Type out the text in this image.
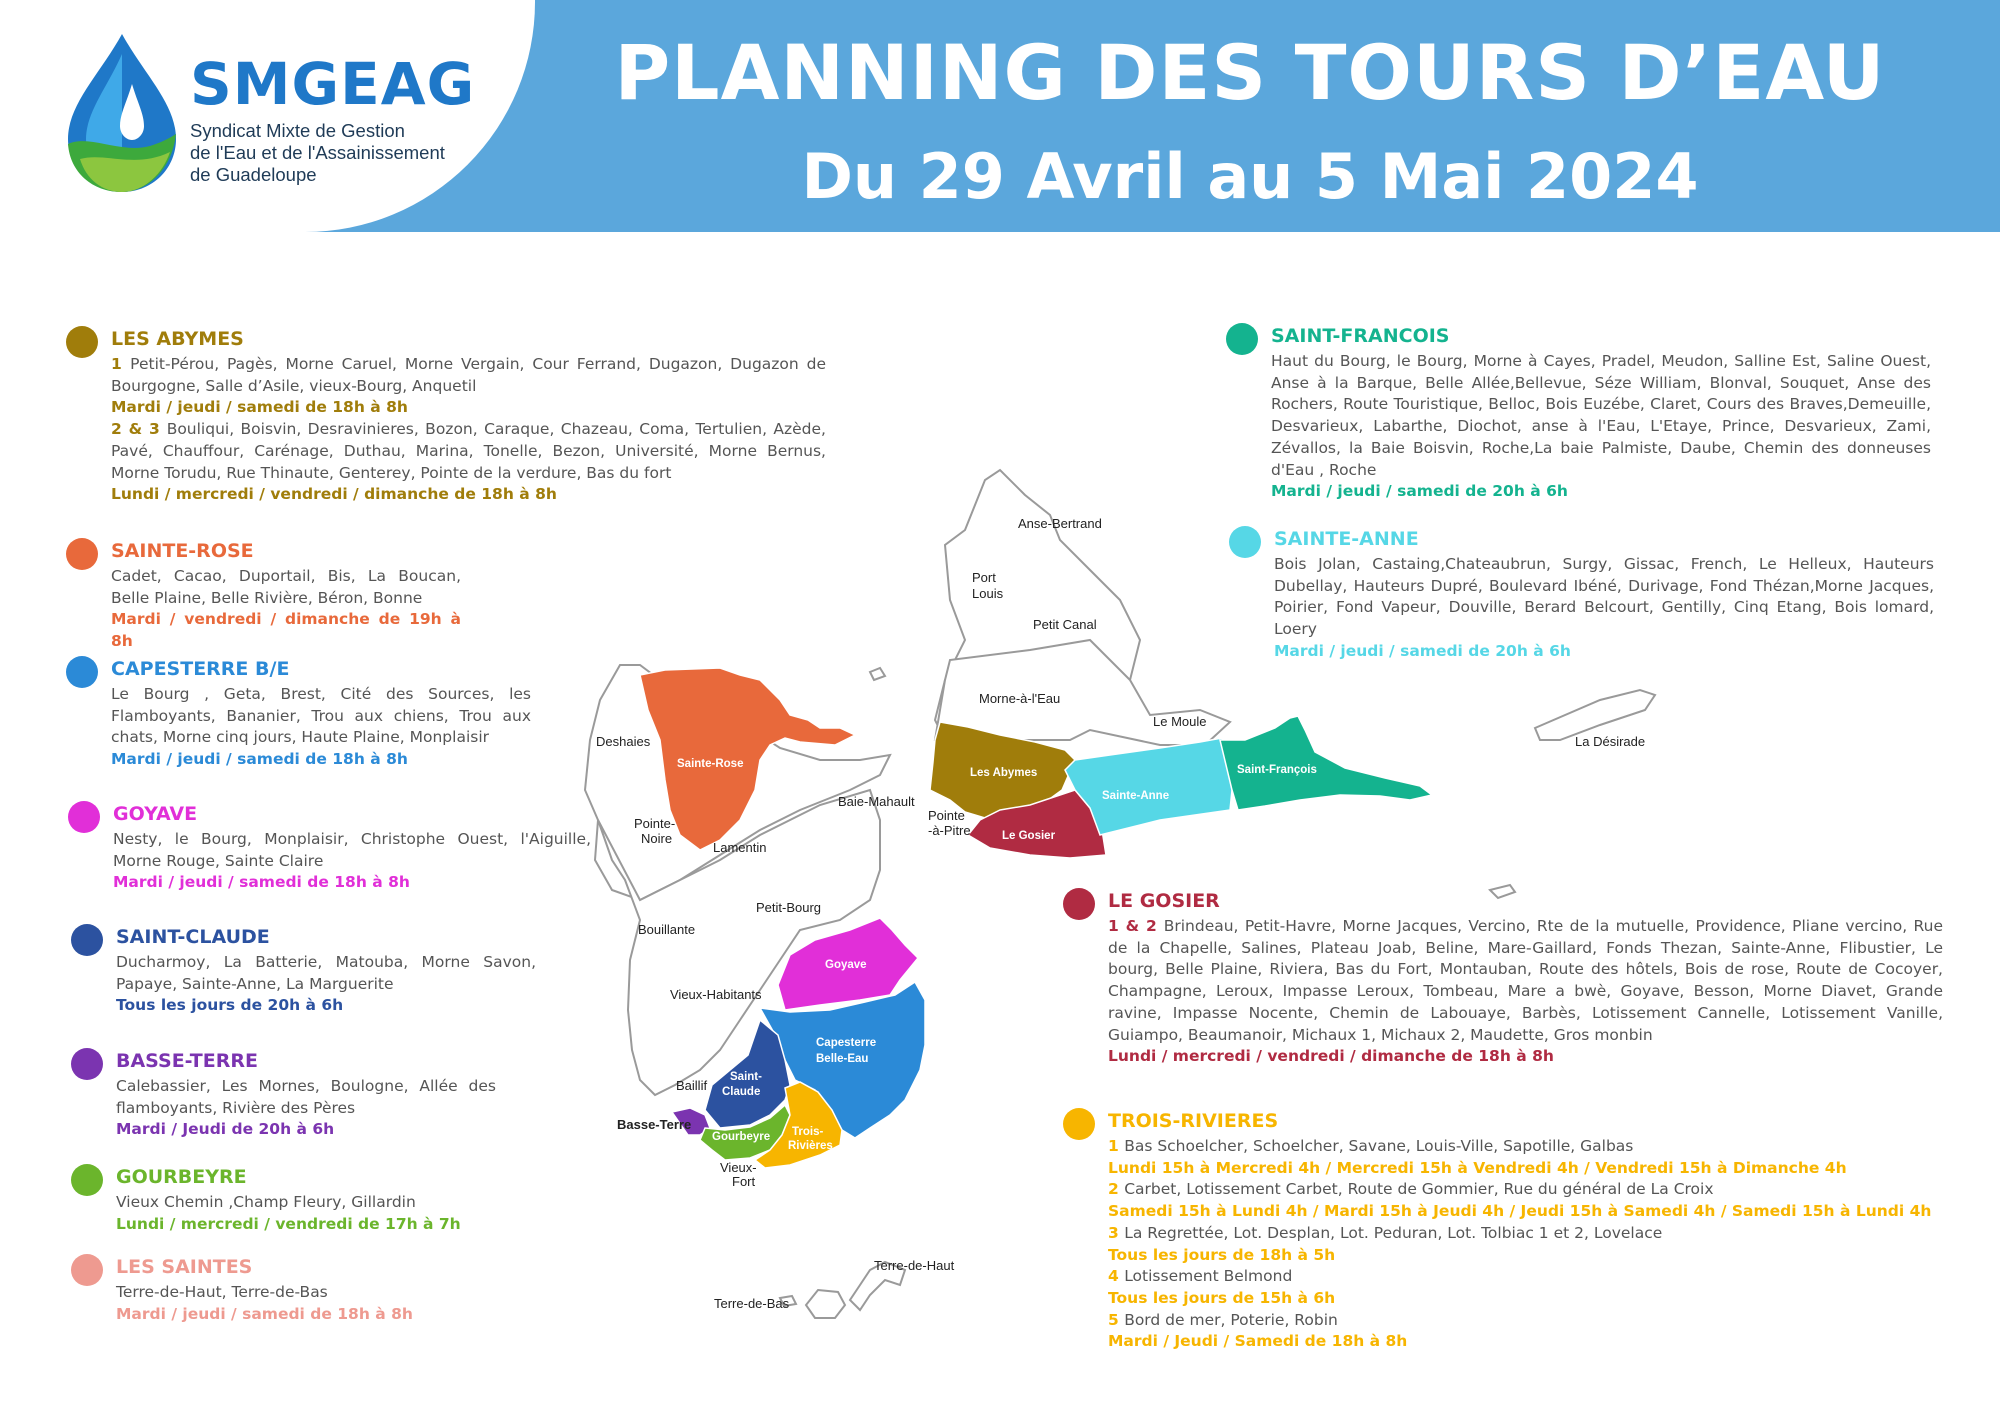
SMGEAG
Syndicat Mixte de Gestion
de l'Eau et de l'Assainissement
de Guadeloupe
PLANNING DES TOURS D’EAU
Du 29 Avril au 5 Mai 2024
Anse-Bertrand
Port
Louis
Petit Canal
Morne-à-l'Eau
Le Moule
La Désirade
Deshaies
Baie-Mahault
Pointe
-à-Pitre
Pointe-
Noire
Lamentin
Petit-Bourg
Bouillante
Vieux-Habitants
Baillif
Basse-Terre
Vieux-
Fort
Terre-de-Haut
Terre-de-Bas
Sainte-Rose
Les Abymes
Le Gosier
Sainte-Anne
Saint-François
Goyave
Capesterre
Belle-Eau
Saint-
Claude
Gourbeyre Trois-
Rivières
LES ABYMES
1 Petit-Pérou, Pagès, Morne Caruel, Morne Vergain, Cour Ferrand, Dugazon, Dugazon de Bourgogne, Salle d’Asile, vieux-Bourg, Anquetil
Mardi / jeudi / samedi de 18h à 8h
2 & 3 Bouliqui, Boisvin, Desravinieres, Bozon, Caraque, Chazeau, Coma, Tertulien, Azède, Pavé, Chauffour, Carénage, Duthau, Marina, Tonelle, Bezon, Université, Morne Bernus, Morne Torudu, Rue Thinaute, Genterey, Pointe de la verdure, Bas du fort
Lundi / mercredi / vendredi / dimanche de 18h à 8h
SAINTE-ROSE
Cadet, Cacao, Duportail, Bis, La Boucan, Belle Plaine, Belle Rivière, Béron, Bonne
Mardi / vendredi / dimanche de 19h à 8h
CAPESTERRE B/E
Le Bourg , Geta, Brest, Cité des Sources, les Flamboyants, Bananier, Trou aux chiens, Trou aux chats, Morne cinq jours, Haute Plaine, Monplaisir
Mardi / jeudi / samedi de 18h à 8h
GOYAVE
Nesty, le Bourg, Monplaisir, Christophe Ouest, l'Aiguille, Morne Rouge, Sainte Claire
Mardi / jeudi / samedi de 18h à 8h
SAINT-CLAUDE
Ducharmoy, La Batterie, Matouba, Morne Savon, Papaye, Sainte-Anne, La Marguerite
Tous les jours de 20h à 6h
BASSE-TERRE
Calebassier, Les Mornes, Boulogne, Allée des flamboyants, Rivière des Pères
Mardi / Jeudi de 20h à 6h
GOURBEYRE
Vieux Chemin ,Champ Fleury, Gillardin
Lundi / mercredi / vendredi de 17h à 7h
LES SAINTES
Terre-de-Haut, Terre-de-Bas
Mardi / jeudi / samedi de 18h à 8h
SAINT-FRANCOIS
Haut du Bourg, le Bourg, Morne à Cayes, Pradel, Meudon, Salline Est, Saline Ouest, Anse à la Barque, Belle Allée,Bellevue, Séze William, Blonval, Souquet, Anse des Rochers, Route Touristique, Belloc, Bois Euzébe, Claret, Cours des Braves,Demeuille, Desvarieux, Labarthe, Diochot, anse à l'Eau, L'Etaye, Prince, Desvarieux, Zami, Zévallos, la Baie Boisvin, Roche,La baie Palmiste, Daube, Chemin des donneuses d'Eau , Roche
Mardi / jeudi / samedi de 20h à 6h
SAINTE-ANNE
Bois Jolan, Castaing,Chateaubrun, Surgy, Gissac, French, Le Helleux, Hauteurs Dubellay, Hauteurs Dupré, Boulevard Ibéné, Durivage, Fond Thézan,Morne Jacques, Poirier, Fond Vapeur, Douville, Berard Belcourt, Gentilly, Cinq Etang, Bois lomard, Loery
Mardi / jeudi / samedi de 20h à 6h
LE GOSIER
1 & 2 Brindeau, Petit-Havre, Morne Jacques, Vercino, Rte de la mutuelle, Providence, Pliane vercino, Rue de la Chapelle, Salines, Plateau Joab, Beline, Mare-Gaillard, Fonds Thezan, Sainte-Anne, Flibustier, Le bourg, Belle Plaine, Riviera, Bas du Fort, Montauban, Route des hôtels, Bois de rose, Route de Cocoyer, Champagne, Leroux, Impasse Leroux, Tombeau, Mare a bwè, Goyave, Besson, Morne Diavet, Grande ravine, Impasse Nocente, Chemin de Labouaye, Barbès, Lotissement Cannelle, Lotissement Vanille, Guiampo, Beaumanoir, Michaux 1, Michaux 2, Maudette, Gros monbin
Lundi / mercredi / vendredi / dimanche de 18h à 8h
TROIS-RIVIERES
1 Bas Schoelcher, Schoelcher, Savane, Louis-Ville, Sapotille, Galbas
Lundi 15h à Mercredi 4h / Mercredi 15h à Vendredi 4h / Vendredi 15h à Dimanche 4h
2 Carbet, Lotissement Carbet, Route de Gommier, Rue du général de La Croix
Samedi 15h à Lundi 4h / Mardi 15h à Jeudi 4h / Jeudi 15h à Samedi 4h / Samedi 15h à Lundi 4h
3 La Regrettée, Lot. Desplan, Lot. Peduran, Lot. Tolbiac 1 et 2, Lovelace
Tous les jours de 18h à 5h
4 Lotissement Belmond
Tous les jours de 15h à 6h
5 Bord de mer, Poterie, Robin
Mardi / Jeudi / Samedi de 18h à 8h
